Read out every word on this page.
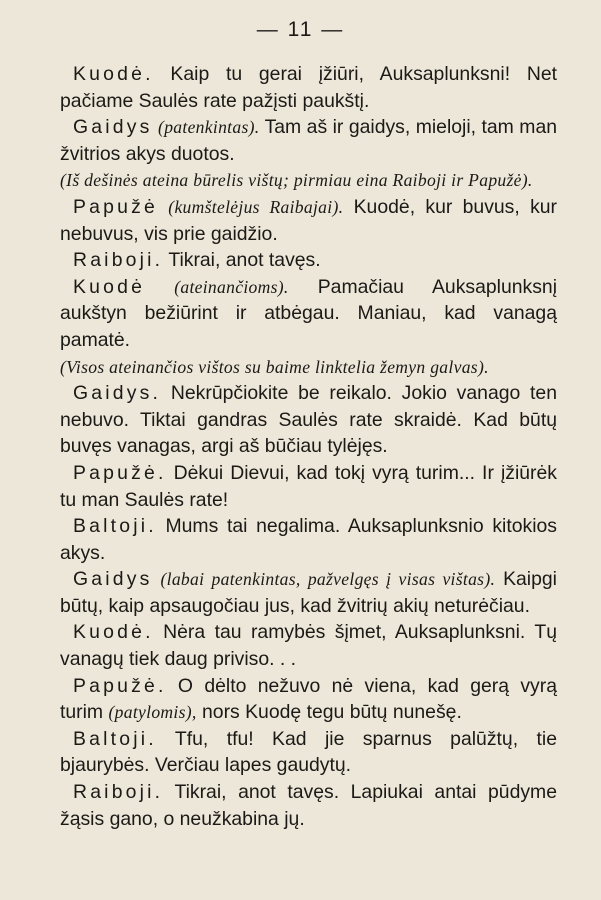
— 11 —

Kuodė. Kaip tu gerai įžiūri, Auksaplunksni! Net pačiame Saulės rate pažįsti paukštį.

Gaidys (patenkintas). Tam aš ir gaidys, mieloji, tam man žvitrios akys duotos.

(Iš dešinės ateina būrelis vištų; pirmiau eina Raiboji ir Papužė).

Papužė (kumštelėjus Raibajai). Kuodė, kur buvus, kur nebuvus, vis prie gaidžio.

Raiboji. Tikrai, anot tavęs.

Kuodė (ateinančioms). Pamačiau Auksaplunksnį aukštyn bežiūrint ir atbėgau. Maniau, kad vanagą pamatė.

(Visos ateinančios vištos su baime linktelia žemyn galvas).

Gaidys. Nekrūpčiokite be reikalo. Jokio vanago ten nebuvo. Tiktai gandras Saulės rate skraidė. Kad būtų buvęs vanagas, argi aš būčiau tylėjęs.

Papužė. Dėkui Dievui, kad tokį vyrą turim... Ir įžiūrėk tu man Saulės rate!

Baltoji. Mums tai negalima. Auksaplunksnio kitokios akys.

Gaidys (labai patenkintas, pažvelgęs į visas vištas). Kaipgi būtų, kaip apsaugočiau jus, kad žvitrių akių neturėčiau.

Kuodė. Nėra tau ramybės šįmet, Auksaplunksni. Tų vanagų tiek daug priviso. . .

Papužė. O dėlto nežuvo nė viena, kad gerą vyrą turim (patylomis), nors Kuodę tegu būtų nunešę.

Baltoji. Tfu, tfu! Kad jie sparnus palūžtų, tie bjaurybės. Verčiau lapes gaudytų.

Raiboji. Tikrai, anot tavęs. Lapiukai antai pūdyme žąsis gano, o neužkabina jų.
